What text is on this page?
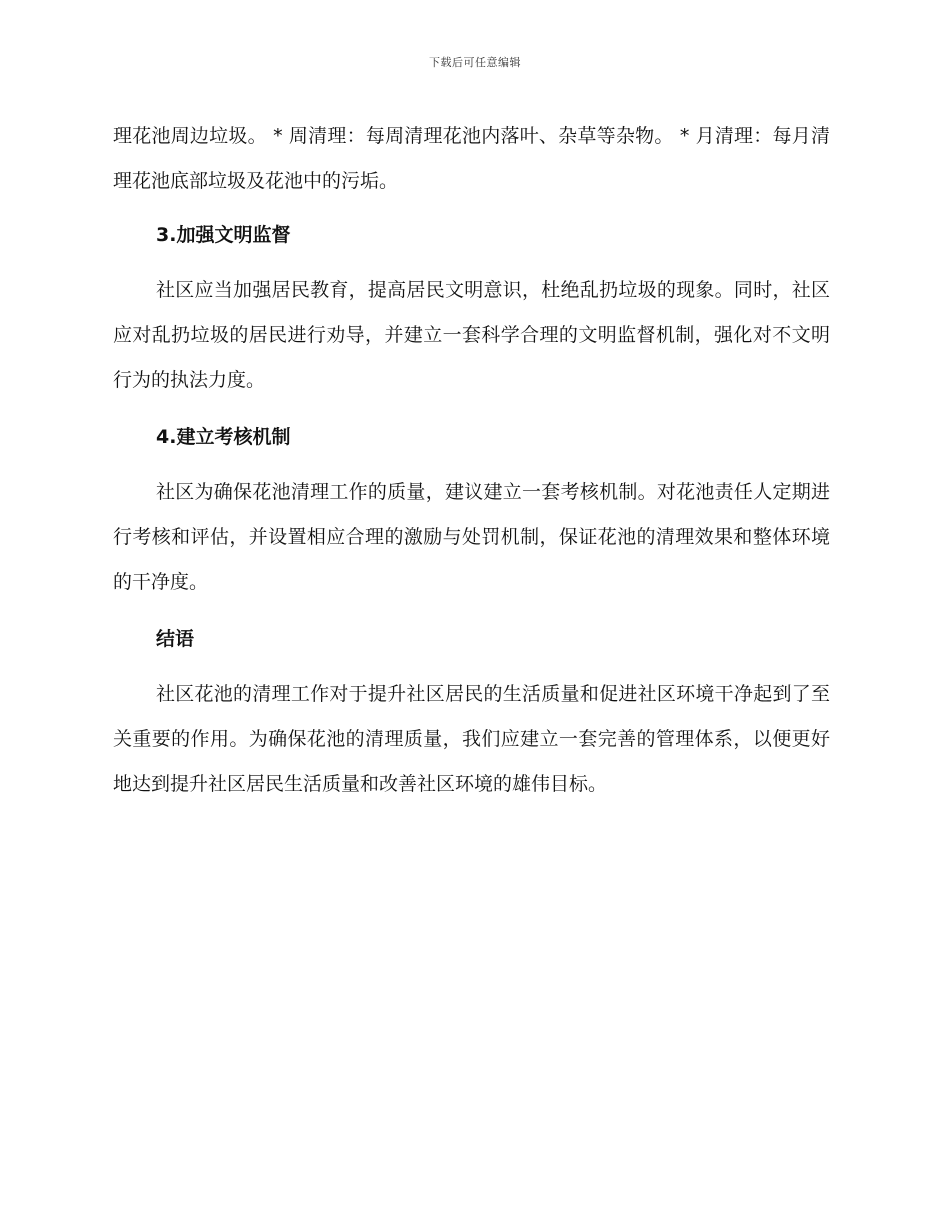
下载后可任意编辑

理花池周边垃圾。 * 周清理：每周清理花池内落叶、杂草等杂物。 * 月清理：每月清理花池底部垃圾及花池中的污垢。

3.加强文明监督

社区应当加强居民教育，提高居民文明意识，杜绝乱扔垃圾的现象。同时，社区应对乱扔垃圾的居民进行劝导，并建立一套科学合理的文明监督机制，强化对不文明行为的执法力度。

4.建立考核机制

社区为确保花池清理工作的质量，建议建立一套考核机制。对花池责任人定期进行考核和评估，并设置相应合理的激励与处罚机制，保证花池的清理效果和整体环境的干净度。

结语

社区花池的清理工作对于提升社区居民的生活质量和促进社区环境干净起到了至关重要的作用。为确保花池的清理质量，我们应建立一套完善的管理体系，以便更好地达到提升社区居民生活质量和改善社区环境的雄伟目标。
